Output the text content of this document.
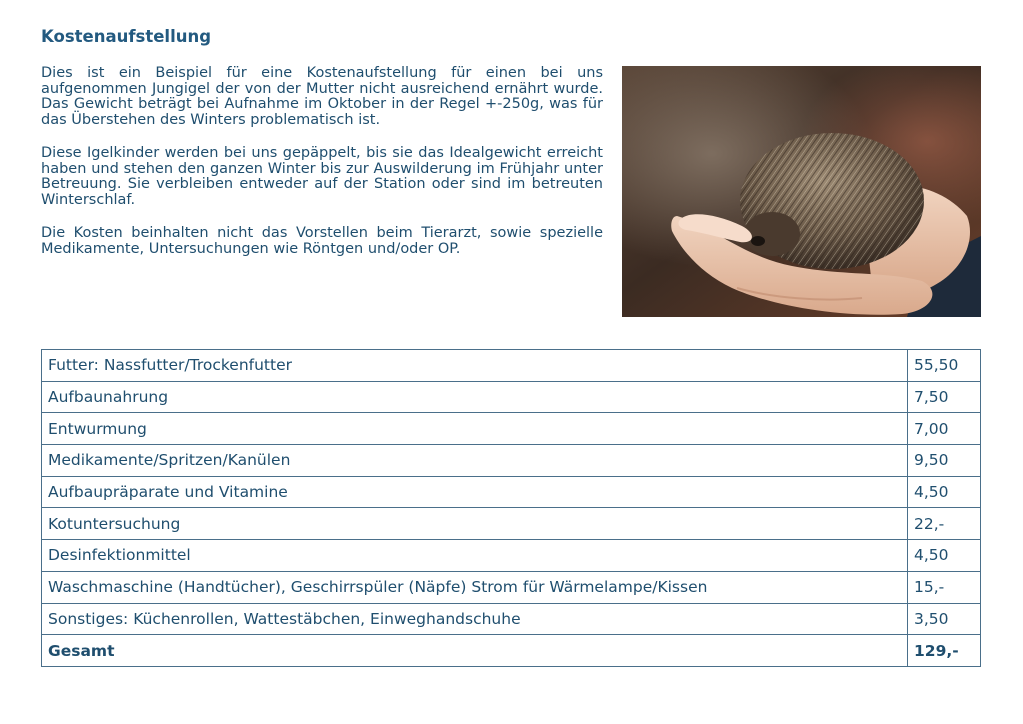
Kostenaufstellung

Dies ist ein Beispiel für eine Kostenaufstellung für einen bei uns aufgenommen Jungigel der von der Mutter nicht ausreichend ernährt wurde. Das Gewicht beträgt bei Aufnahme im Oktober in der Regel +-250g, was für das Überstehen des Winters problematisch ist.

Diese Igelkinder werden bei uns gepäppelt, bis sie das Idealgewicht erreicht haben und stehen den ganzen Winter bis zur Auswilderung im Frühjahr unter Betreuung. Sie verbleiben entweder auf der Station oder sind im betreuten Winterschlaf.

Die Kosten beinhalten nicht das Vorstellen beim Tierarzt, sowie spezielle Medikamente, Untersuchungen wie Röntgen und/oder OP.

Futter: Nassfutter/Trockenfutter	55,50
Aufbaunahrung	7,50
Entwurmung	7,00
Medikamente/Spritzen/Kanülen	9,50
Aufbaupräparate und Vitamine	4,50
Kotuntersuchung	22,-
Desinfektionmittel	4,50
Waschmaschine (Handtücher), Geschirrspüler (Näpfe) Strom für Wärmelampe/Kissen	15,-
Sonstiges: Küchenrollen, Wattestäbchen, Einweghandschuhe	3,50
Gesamt	129,-
